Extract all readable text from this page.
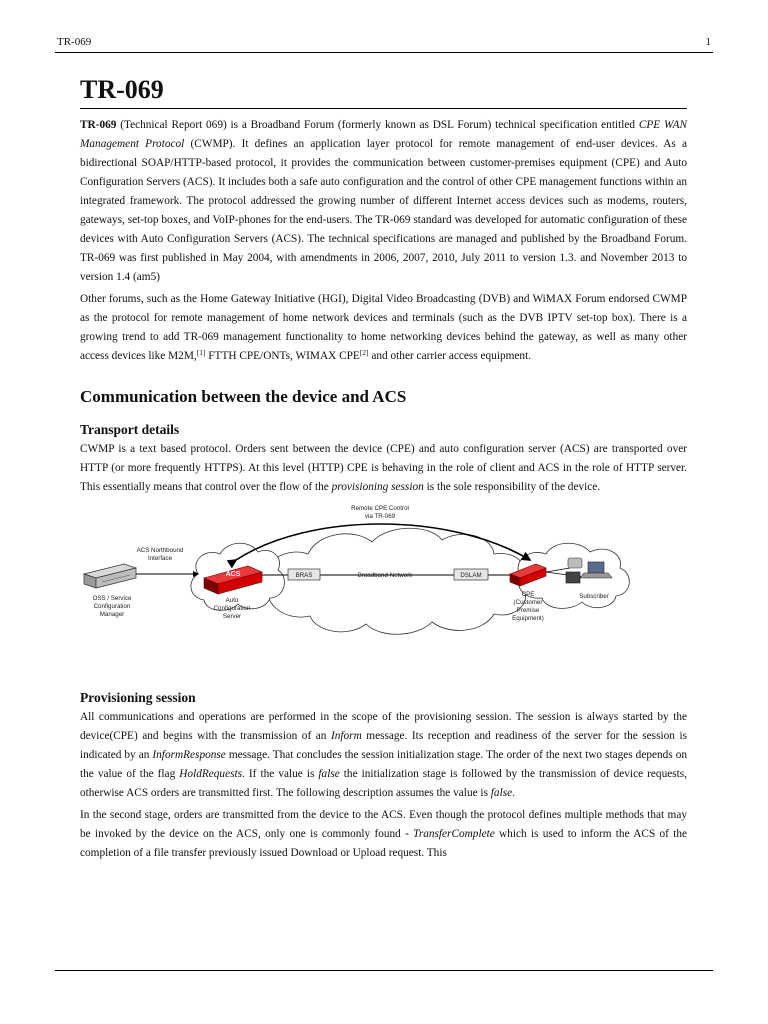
TR-069	1
TR-069

TR-069 (Technical Report 069) is a Broadband Forum (formerly known as DSL Forum) technical specification entitled CPE WAN Management Protocol (CWMP). It defines an application layer protocol for remote management of end-user devices. As a bidirectional SOAP/HTTP-based protocol, it provides the communication between customer-premises equipment (CPE) and Auto Configuration Servers (ACS). It includes both a safe auto configuration and the control of other CPE management functions within an integrated framework. The protocol addressed the growing number of different Internet access devices such as modems, routers, gateways, set-top boxes, and VoIP-phones for the end-users. The TR-069 standard was developed for automatic configuration of these devices with Auto Configuration Servers (ACS). The technical specifications are managed and published by the Broadband Forum. TR-069 was first published in May 2004, with amendments in 2006, 2007, 2010, July 2011 to version 1.3. and November 2013 to version 1.4 (am5)

Other forums, such as the Home Gateway Initiative (HGI), Digital Video Broadcasting (DVB) and WiMAX Forum endorsed CWMP as the protocol for remote management of home network devices and terminals (such as the DVB IPTV set-top box). There is a growing trend to add TR-069 management functionality to home networking devices behind the gateway, as well as many other access devices like M2M,[1] FTTH CPE/ONTs, WIMAX CPE[2] and other carrier access equipment.

Communication between the device and ACS
Transport details

CWMP is a text based protocol. Orders sent between the device (CPE) and auto configuration server (ACS) are transported over HTTP (or more frequently HTTPS). At this level (HTTP) CPE is behaving in the role of client and ACS in the role of HTTP server. This essentially means that control over the flow of the provisioning session is the sole responsibility of the device.

Remote CPE Control
via TR-069
ACS Northbound
Interface
OSS / Service
Configuration
Manager
ACS
Auto
Configuration
Server
BRAS	Broadband Network	DSLAM
CPE
(Customer
Premise
Equipment)
Subscriber
Provisioning session

All communications and operations are performed in the scope of the provisioning session. The session is always started by the device(CPE) and begins with the transmission of an Inform message. Its reception and readiness of the server for the session is indicated by an InformResponse message. That concludes the session initialization stage. The order of the next two stages depends on the value of the flag HoldRequests. If the value is false the initialization stage is followed by the transmission of device requests, otherwise ACS orders are transmitted first. The following description assumes the value is false.

In the second stage, orders are transmitted from the device to the ACS. Even though the protocol defines multiple methods that may be invoked by the device on the ACS, only one is commonly found - TransferComplete which is used to inform the ACS of the completion of a file transfer previously issued Download or Upload request. This
